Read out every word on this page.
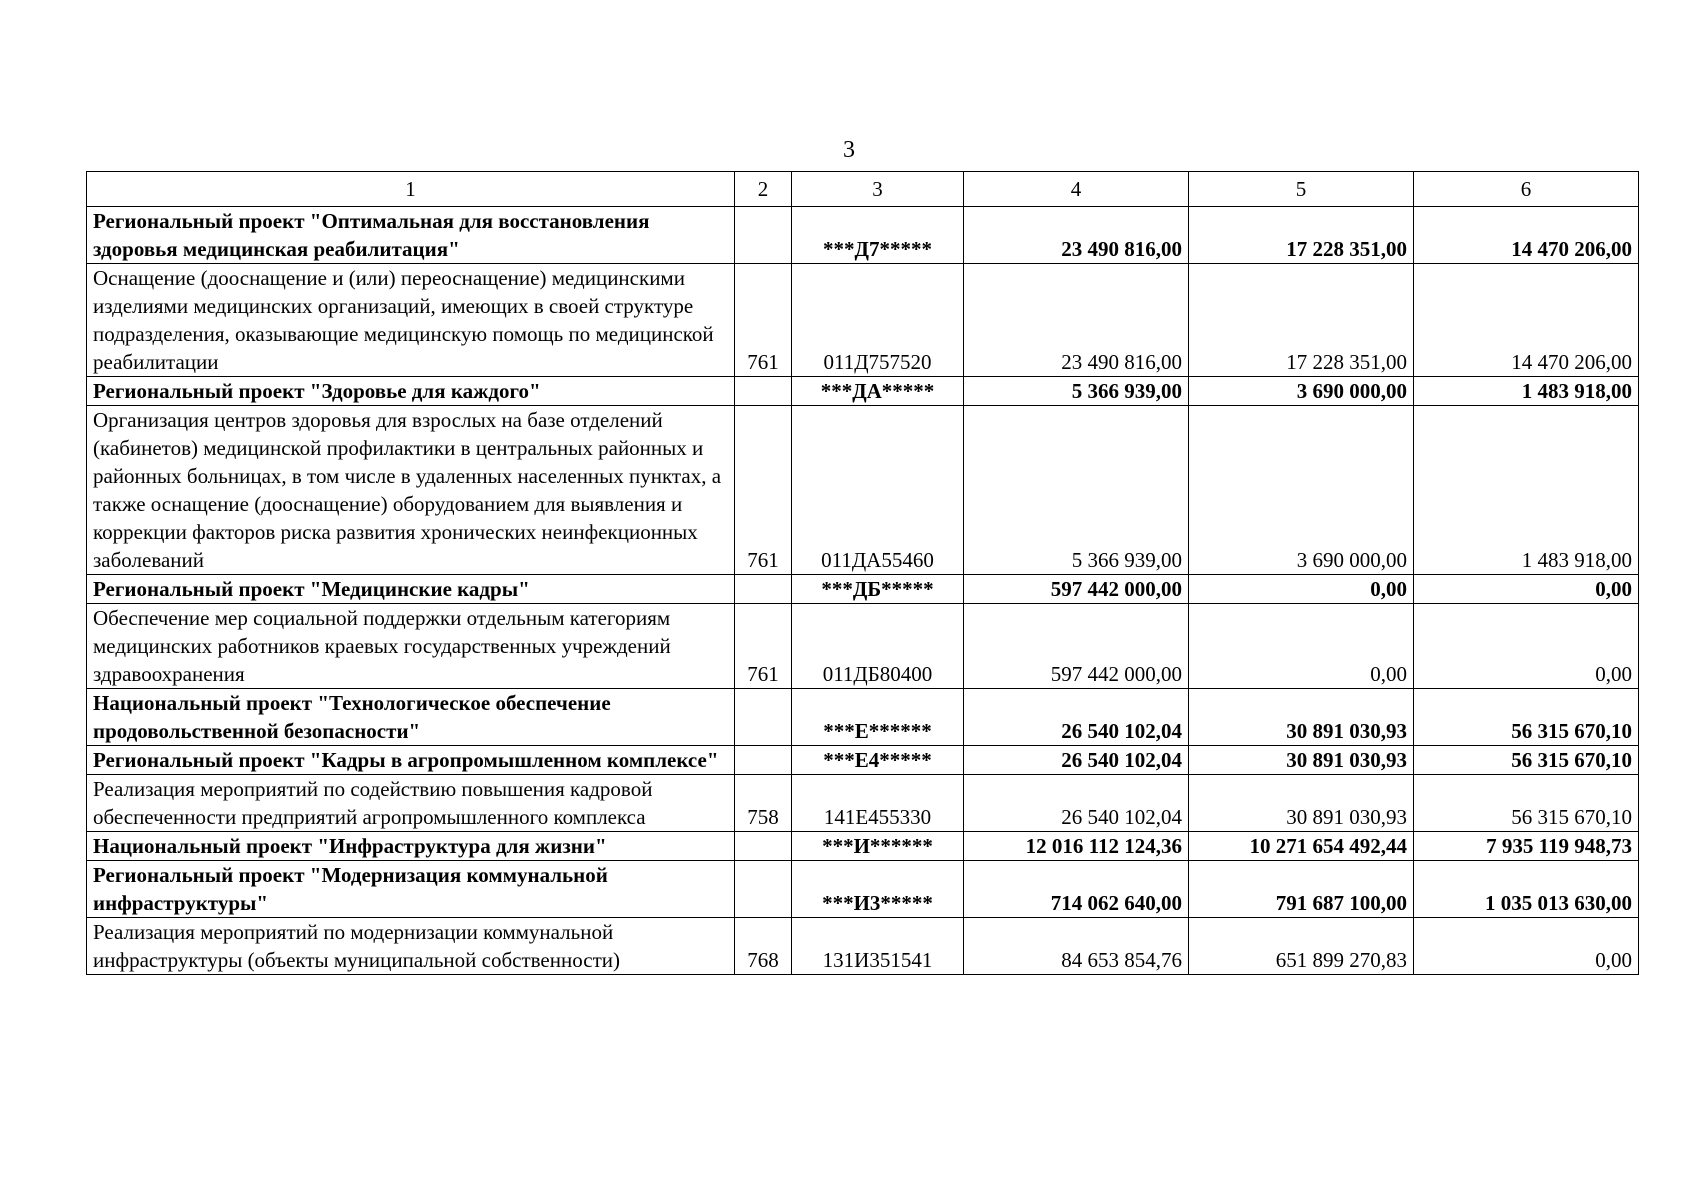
3
1	2	3	4	5	6
Региональный проект "Оптимальная для восстановления здоровья медицинская реабилитация"		***Д7*****	23 490 816,00	17 228 351,00	14 470 206,00
Оснащение (дооснащение и (или) переоснащение) медицинскими изделиями медицинских организаций, имеющих в своей структуре подразделения, оказывающие медицинскую помощь по медицинской реабилитации	761	011Д757520	23 490 816,00	17 228 351,00	14 470 206,00
Региональный проект "Здоровье для каждого"		***ДА*****	5 366 939,00	3 690 000,00	1 483 918,00
Организация центров здоровья для взрослых на базе отделений (кабинетов) медицинской профилактики в центральных районных и районных больницах, в том числе в удаленных населенных пунктах, а также оснащение (дооснащение) оборудованием для выявления и коррекции факторов риска развития хронических неинфекционных заболеваний	761	011ДА55460	5 366 939,00	3 690 000,00	1 483 918,00
Региональный проект "Медицинские кадры"		***ДБ*****	597 442 000,00	0,00	0,00
Обеспечение мер социальной поддержки отдельным категориям медицинских работников краевых государственных учреждений здравоохранения	761	011ДБ80400	597 442 000,00	0,00	0,00
Национальный проект "Технологическое обеспечение продовольственной безопасности"		***Е******	26 540 102,04	30 891 030,93	56 315 670,10
Региональный проект "Кадры в агропромышленном комплексе"		***Е4*****	26 540 102,04	30 891 030,93	56 315 670,10
Реализация мероприятий по содействию повышения кадровой обеспеченности предприятий агропромышленного комплекса	758	141Е455330	26 540 102,04	30 891 030,93	56 315 670,10
Национальный проект "Инфраструктура для жизни"		***И******	12 016 112 124,36	10 271 654 492,44	7 935 119 948,73
Региональный проект "Модернизация коммунальной инфраструктуры"		***И3*****	714 062 640,00	791 687 100,00	1 035 013 630,00
Реализация мероприятий по модернизации коммунальной инфраструктуры (объекты муниципальной собственности)	768	131И351541	84 653 854,76	651 899 270,83	0,00
